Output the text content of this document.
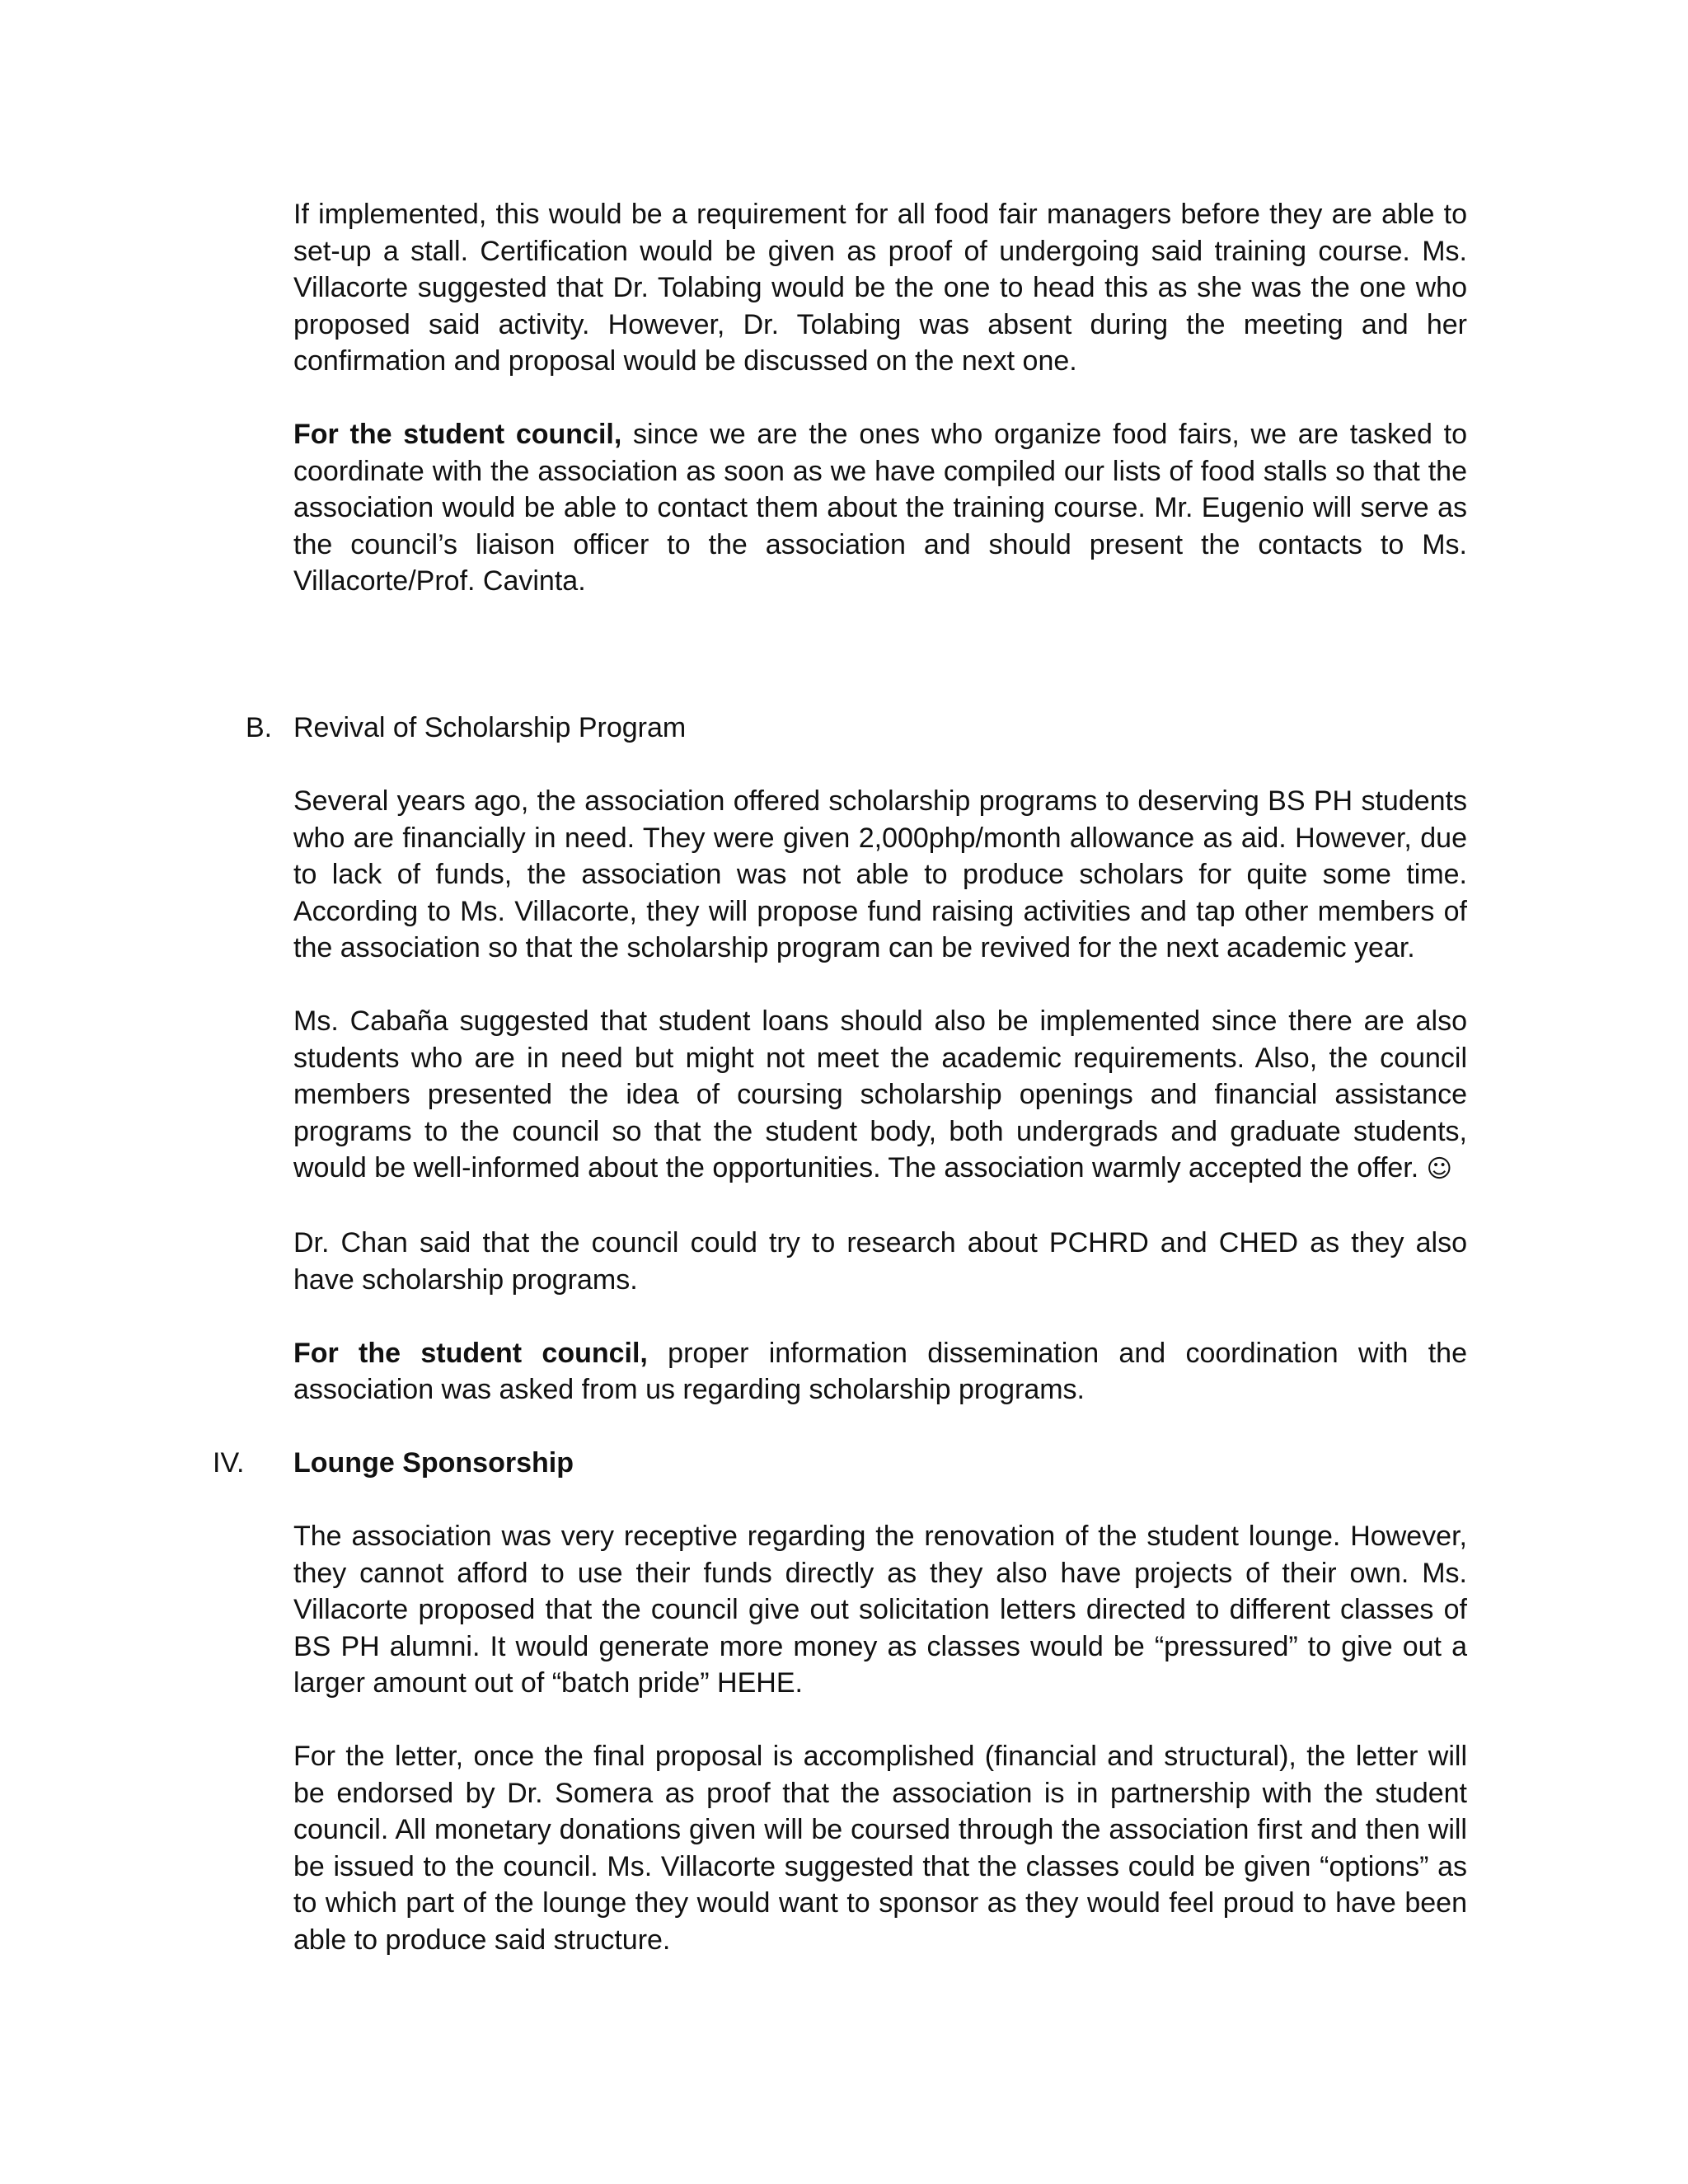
If implemented, this would be a requirement for all food fair managers before they are able to set-up a stall. Certification would be given as proof of undergoing said training course. Ms. Villacorte suggested that Dr. Tolabing would be the one to head this as she was the one who proposed said activity. However, Dr. Tolabing was absent during the meeting and her confirmation and proposal would be discussed on the next one.

For the student council, since we are the ones who organize food fairs, we are tasked to coordinate with the association as soon as we have compiled our lists of food stalls so that the association would be able to contact them about the training course. Mr. Eugenio will serve as the council’s liaison officer to the association and should present the contacts to Ms. Villacorte/Prof. Cavinta.

B. Revival of Scholarship Program

Several years ago, the association offered scholarship programs to deserving BS PH students who are financially in need. They were given 2,000php/month allowance as aid. However, due to lack of funds, the association was not able to produce scholars for quite some time. According to Ms. Villacorte, they will propose fund raising activities and tap other members of the association so that the scholarship program can be revived for the next academic year.

Ms. Cabaña suggested that student loans should also be implemented since there are also students who are in need but might not meet the academic requirements. Also, the council members presented the idea of coursing scholarship openings and financial assistance programs to the council so that the student body, both undergrads and graduate students, would be well-informed about the opportunities. The association warmly accepted the offer. ☺

Dr. Chan said that the council could try to research about PCHRD and CHED as they also have scholarship programs.

For the student council, proper information dissemination and coordination with the association was asked from us regarding scholarship programs.

IV. Lounge Sponsorship

The association was very receptive regarding the renovation of the student lounge. However, they cannot afford to use their funds directly as they also have projects of their own. Ms. Villacorte proposed that the council give out solicitation letters directed to different classes of BS PH alumni. It would generate more money as classes would be “pressured” to give out a larger amount out of “batch pride” HEHE.

For the letter, once the final proposal is accomplished (financial and structural), the letter will be endorsed by Dr. Somera as proof that the association is in partnership with the student council. All monetary donations given will be coursed through the association first and then will be issued to the council. Ms. Villacorte suggested that the classes could be given “options” as to which part of the lounge they would want to sponsor as they would feel proud to have been able to produce said structure.
